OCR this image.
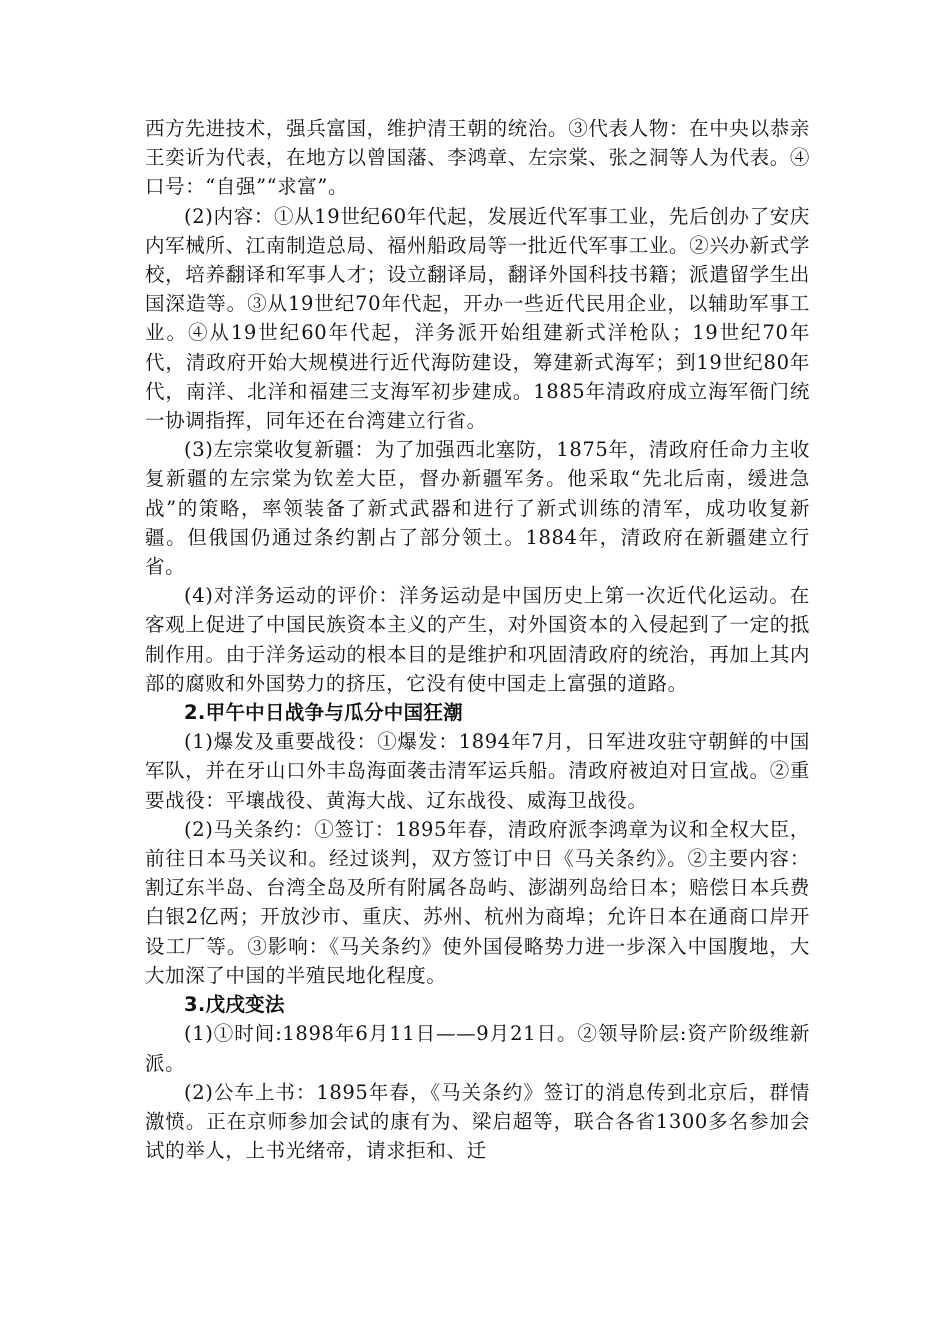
西方先进技术，强兵富国，维护清王朝的统治。③代表人物：在中央以恭亲王奕䜣为代表，在地方以曾国藩、李鸿章、左宗棠、张之洞等人为代表。④口号：“自强”“求富”。

(2)内容：①从19世纪60年代起，发展近代军事工业，先后创办了安庆内军械所、江南制造总局、福州船政局等一批近代军事工业。②兴办新式学校，培养翻译和军事人才；设立翻译局，翻译外国科技书籍；派遣留学生出国深造等。③从19世纪70年代起，开办一些近代民用企业，以辅助军事工业。④从19世纪60年代起，洋务派开始组建新式洋枪队；19世纪70年代，清政府开始大规模进行近代海防建设，筹建新式海军；到19世纪80年代，南洋、北洋和福建三支海军初步建成。1885年清政府成立海军衙门统一协调指挥，同年还在台湾建立行省。

(3)左宗棠收复新疆：为了加强西北塞防，1875年，清政府任命力主收复新疆的左宗棠为钦差大臣，督办新疆军务。他采取“先北后南，缓进急战”的策略，率领装备了新式武器和进行了新式训练的清军，成功收复新疆。但俄国仍通过条约割占了部分领土。1884年，清政府在新疆建立行省。

(4)对洋务运动的评价：洋务运动是中国历史上第一次近代化运动。在客观上促进了中国民族资本主义的产生，对外国资本的入侵起到了一定的抵制作用。由于洋务运动的根本目的是维护和巩固清政府的统治，再加上其内部的腐败和外国势力的挤压，它没有使中国走上富强的道路。

2.甲午中日战争与瓜分中国狂潮

(1)爆发及重要战役：①爆发：1894年7月，日军进攻驻守朝鲜的中国军队，并在牙山口外丰岛海面袭击清军运兵船。清政府被迫对日宣战。②重要战役：平壤战役、黄海大战、辽东战役、威海卫战役。

(2)马关条约：①签订：1895年春，清政府派李鸿章为议和全权大臣，前往日本马关议和。经过谈判，双方签订中日《马关条约》。②主要内容：割辽东半岛、台湾全岛及所有附属各岛屿、澎湖列岛给日本；赔偿日本兵费白银2亿两；开放沙市、重庆、苏州、杭州为商埠；允许日本在通商口岸开设工厂等。③影响：《马关条约》使外国侵略势力进一步深入中国腹地，大大加深了中国的半殖民地化程度。

3.戊戌变法

(1)①时间:1898年6月11日——9月21日。②领导阶层:资产阶级维新派。

(2)公车上书：1895年春，《马关条约》签订的消息传到北京后，群情激愤。正在京师参加会试的康有为、梁启超等，联合各省1300多名参加会试的举人，上书光绪帝，请求拒和、迁
